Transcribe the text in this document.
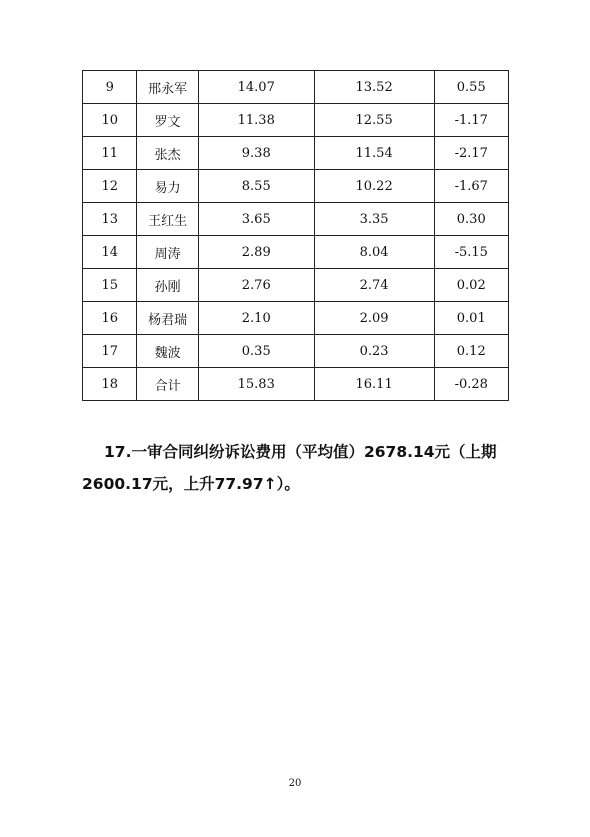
9	邢永军	14.07	13.52	0.55
10	罗文	11.38	12.55	-1.17
11	张杰	9.38	11.54	-2.17
12	易力	8.55	10.22	-1.67
13	王红生	3.65	3.35	0.30
14	周涛	2.89	8.04	-5.15
15	孙刚	2.76	2.74	0.02
16	杨君瑞	2.10	2.09	0.01
17	魏波	0.35	0.23	0.12
18	合计	15.83	16.11	-0.28
17.一审合同纠纷诉讼费用（平均值）2678.14元（上期
2600.17元，上升77.97↑）。
20
